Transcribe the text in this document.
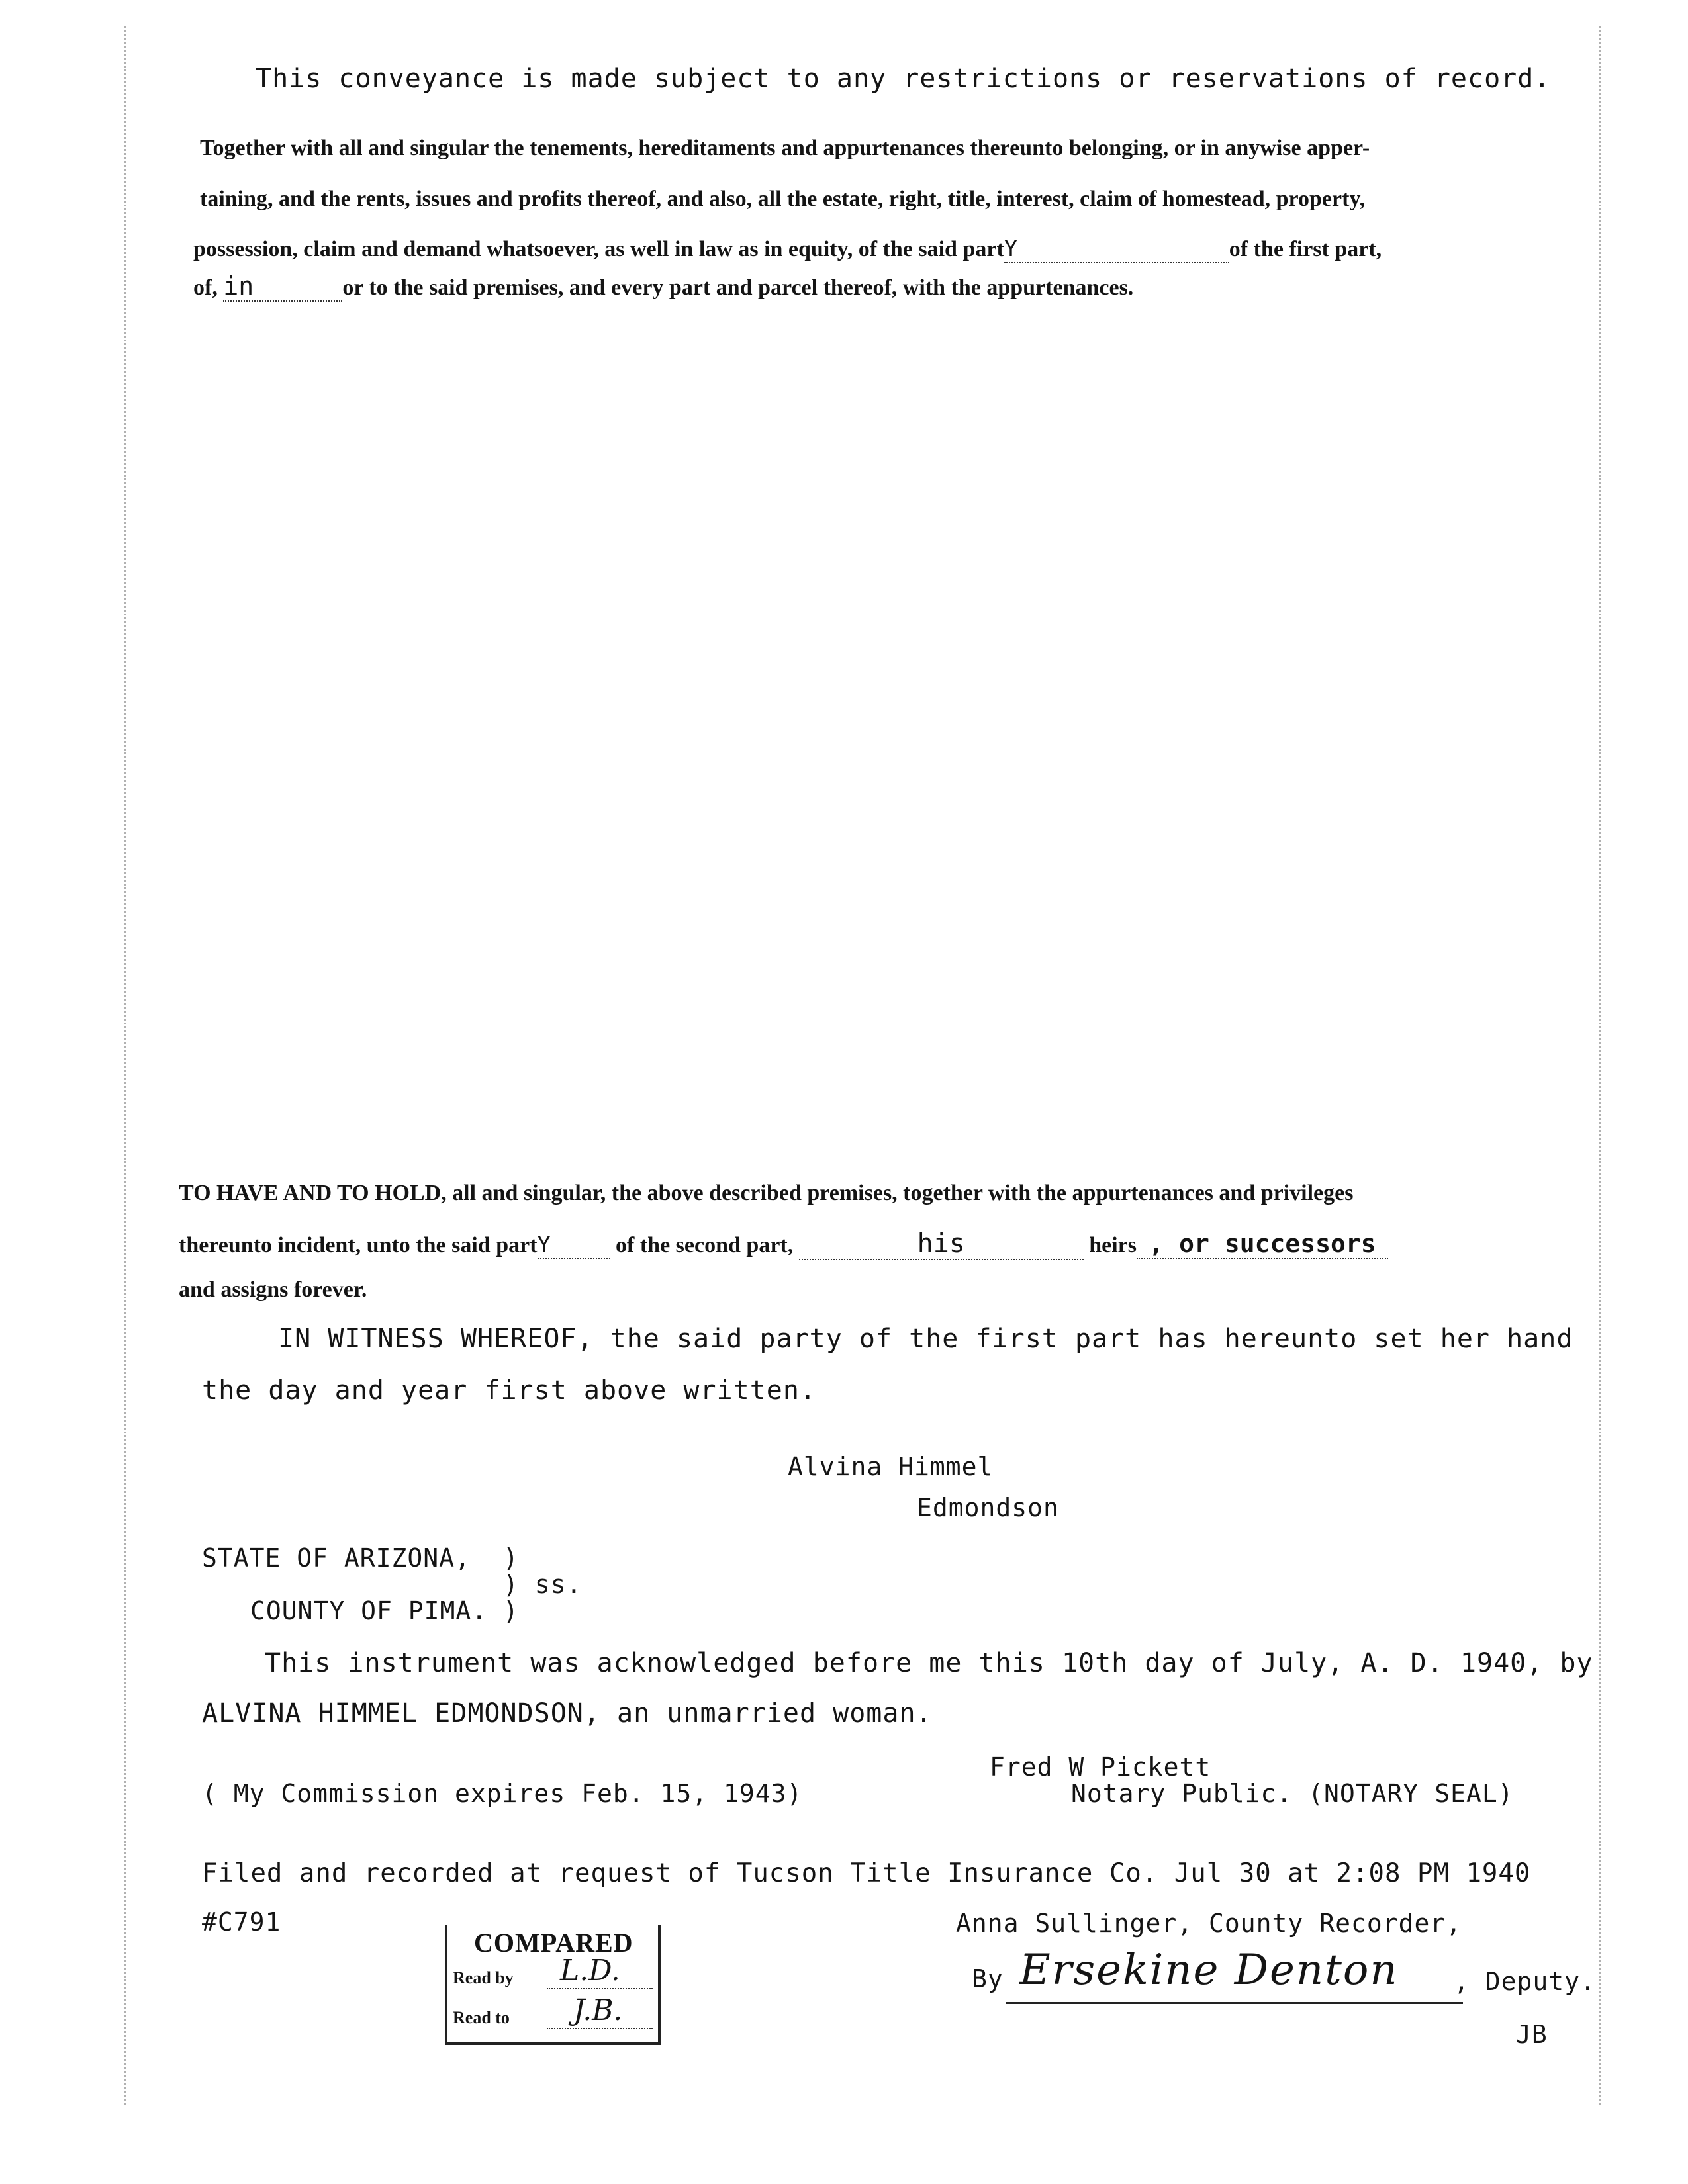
This conveyance is made subject to any restrictions or reservations of record.
Together with all and singular the tenements, hereditaments and appurtenances thereunto belonging, or in anywise apper-
taining, and the rents, issues and profits thereof, and also, all the estate, right, title, interest, claim of homestead, property,
possession, claim and demand whatsoever, as well in law as in equity, of the said partY	of the first part,
of, in	or to the said premises, and every part and parcel thereof, with the appurtenances.
TO HAVE AND TO HOLD, all and singular, the above described premises, together with the appurtenances and privileges
thereunto incident, unto the said partY	of the second part,	his	heirs , or successors
and assigns forever.
IN WITNESS WHEREOF, the said party of the first part has hereunto set her hand
the day and year first above written.
Alvina Himmel
Edmondson
STATE OF ARIZONA, )
) ss.
COUNTY OF PIMA. )
This instrument was acknowledged before me this 10th day of July, A. D. 1940, by
ALVINA HIMMEL EDMONDSON, an unmarried woman.
Fred W Pickett
( My Commission expires Feb. 15, 1943)	Notary Public. (NOTARY SEAL)
Filed and recorded at request of Tucson Title Insurance Co. Jul 30 at 2:08 PM 1940
#C791	Anna Sullinger, County Recorder,
By Ersekine Denton , Deputy.
JB
COMPARED
Read by L.D.
Read to J.B.
